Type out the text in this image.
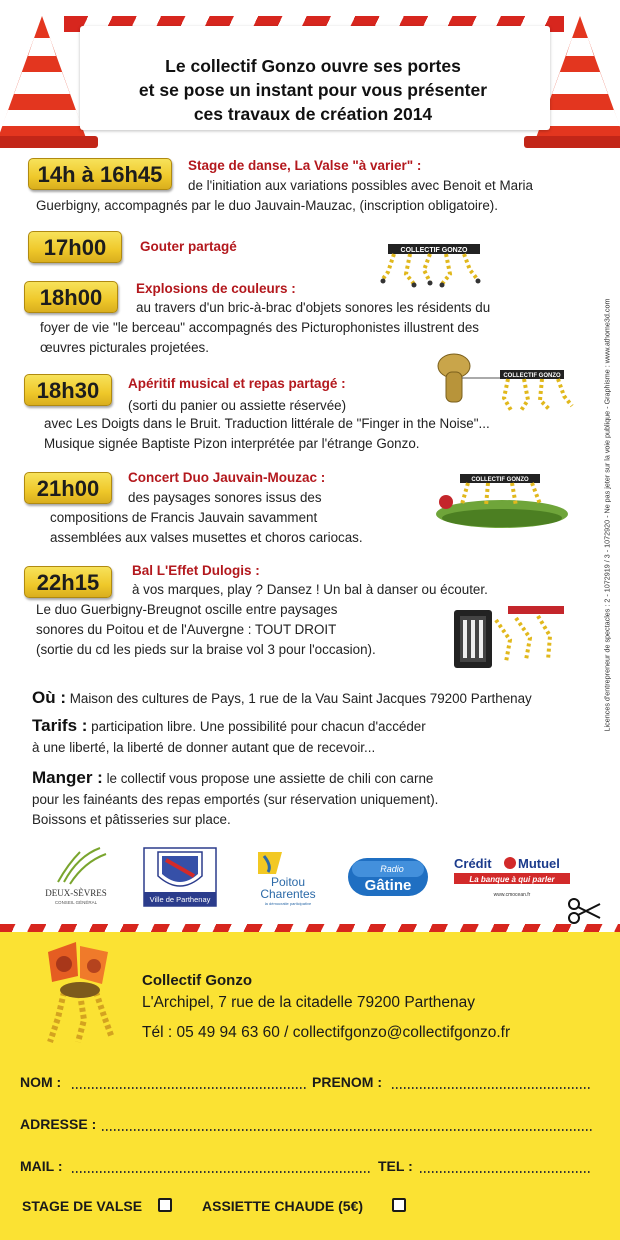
Le collectif Gonzo ouvre ses portes
et se pose un instant pour vous présenter
ces travaux de création 2014
14h à 16h45	Stage de danse, La Valse "à varier" :
de l'initiation aux variations possibles avec Benoit et Maria
Guerbigny, accompagnés par le duo Jauvain-Mauzac, (inscription obligatoire).
17h00	Gouter partagé
18h00	Explosions de couleurs :
au travers d'un bric-à-brac d'objets sonores les résidents du
foyer de vie "le berceau" accompagnés des Picturophonistes illustrent des
œuvres picturales projetées.
18h30	Apéritif musical et repas partagé :
(sorti du panier ou assiette réservée)
avec Les Doigts dans le Bruit. Traduction littérale de "Finger in the Noise"...
Musique signée Baptiste Pizon interprétée par l'étrange Gonzo.
21h00	Concert Duo Jauvain-Mouzac :
des paysages sonores issus des
compositions de Francis Jauvain savamment
assemblées aux valses musettes et choros cariocas.
22h15	Bal L'Effet Dulogis :
à vos marques, play ? Dansez ! Un bal à danser ou écouter.
Le duo Guerbigny-Breugnot oscille entre paysages
sonores du Poitou et de l'Auvergne : TOUT DROIT
(sortie du cd les pieds sur la braise vol 3 pour l'occasion).
COLLECTIF GONZO
COLLECTIF GONZO
COLLECTIF GONZO	Licences d'entrepreneur de spectacles : 2 - 1072919 / 3 - 1072920 - Ne pas jeter sur la voie publique - Graphisme : www.athome3d.com
Où : Maison des cultures de Pays, 1 rue de la Vau Saint Jacques 79200 Parthenay
Tarifs : participation libre. Une possibilité pour chacun d'accéder
à une liberté, la liberté de donner autant que de recevoir...
Manger : le collectif vous propose une assiette de chili con carne
pour les fainéants des repas emportés (sur réservation uniquement).
Boissons et pâtisseries sur place.
DEUX-SÈVRES
CONSEIL GÉNÉRAL	Ville de Parthenay
Poitou
Charentes
la démocratie participative
Radio
Gâtine
Crédit Mutuel
La banque à qui parler
www.cmocean.fr
Collectif Gonzo
L'Archipel, 7 rue de la citadelle 79200 Parthenay
Tél : 05 49 94 63 60 / collectifgonzo@collectifgonzo.fr
NOM :	PRENOM :
ADRESSE :
MAIL :	TEL :
STAGE DE VALSE	ASSIETTE CHAUDE (5€)
